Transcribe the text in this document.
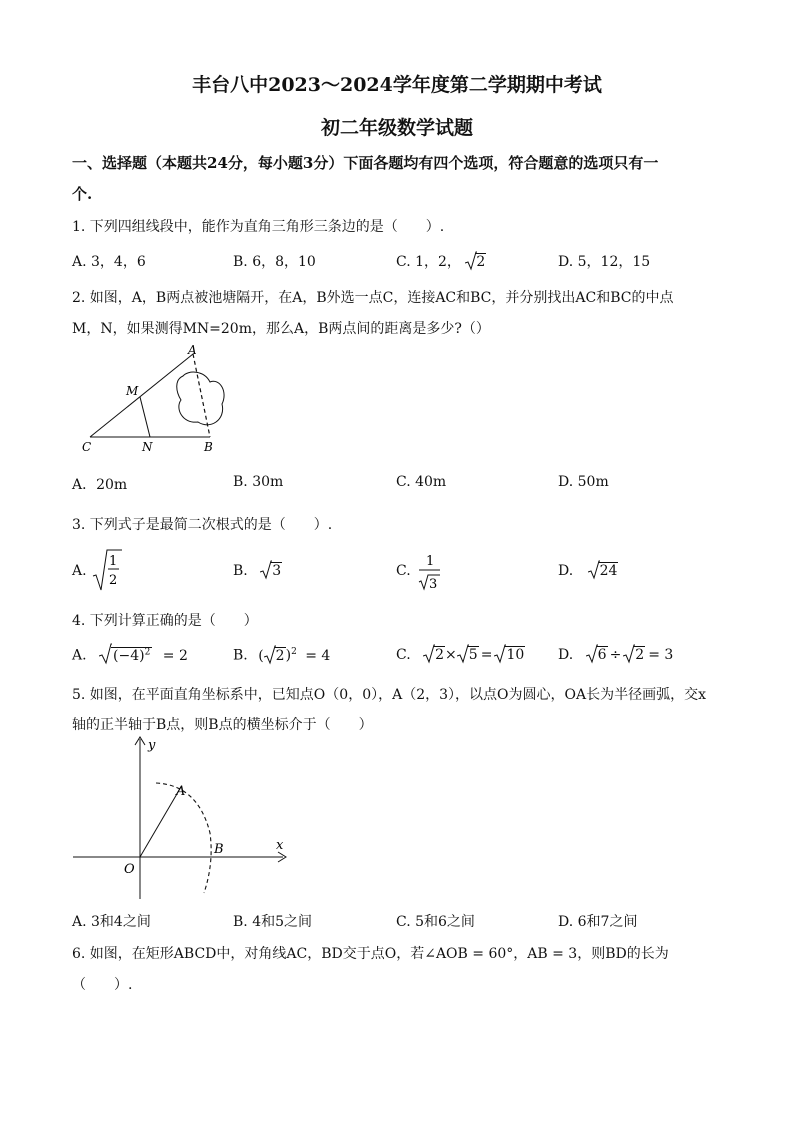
丰台八中2023～2024学年度第二学期期中考试
初二年级数学试题
一、选择题（本题共24分，每小题3分）下面各题均有四个选项，符合题意的选项只有一
个.
1. 下列四组线段中，能作为直角三角形三条边的是（　　）.
A. 3，4，6	B. 6，8，10	C. 1，2， 2	D. 5，12，15
2. 如图，A，B两点被池塘隔开，在A，B外选一点C，连接AC和BC，并分别找出AC和BC的中点
M，N，如果测得MN=20m，那么A，B两点间的距离是多少?（）
A
M
C	N	B
A．20m	B. 30m	C. 40m	D. 50m
3. 下列式子是最简二次根式的是（　　）.
A.
1
2
B. 3	C.
1
3
D. 24
4. 下列计算正确的是（　　）
A. $(-4)^2 = 2$	B. ( 2)$^2$ = 4	C. 2× 5 = 10 D. 6 ÷ 2 = 3
5. 如图，在平面直角坐标系中，已知点O（0，0），A（2，3），以点O为圆心，OA长为半径画弧，交x
轴的正半轴于B点，则B点的横坐标介于（　　）
y
x
A
B
O
A. 3和4之间	B. 4和5之间	C. 5和6之间	D. 6和7之间
6. 如图，在矩形ABCD中，对角线AC，BD交于点O，若∠AOB = 60°，AB = 3，则BD的长为
（　　）.
